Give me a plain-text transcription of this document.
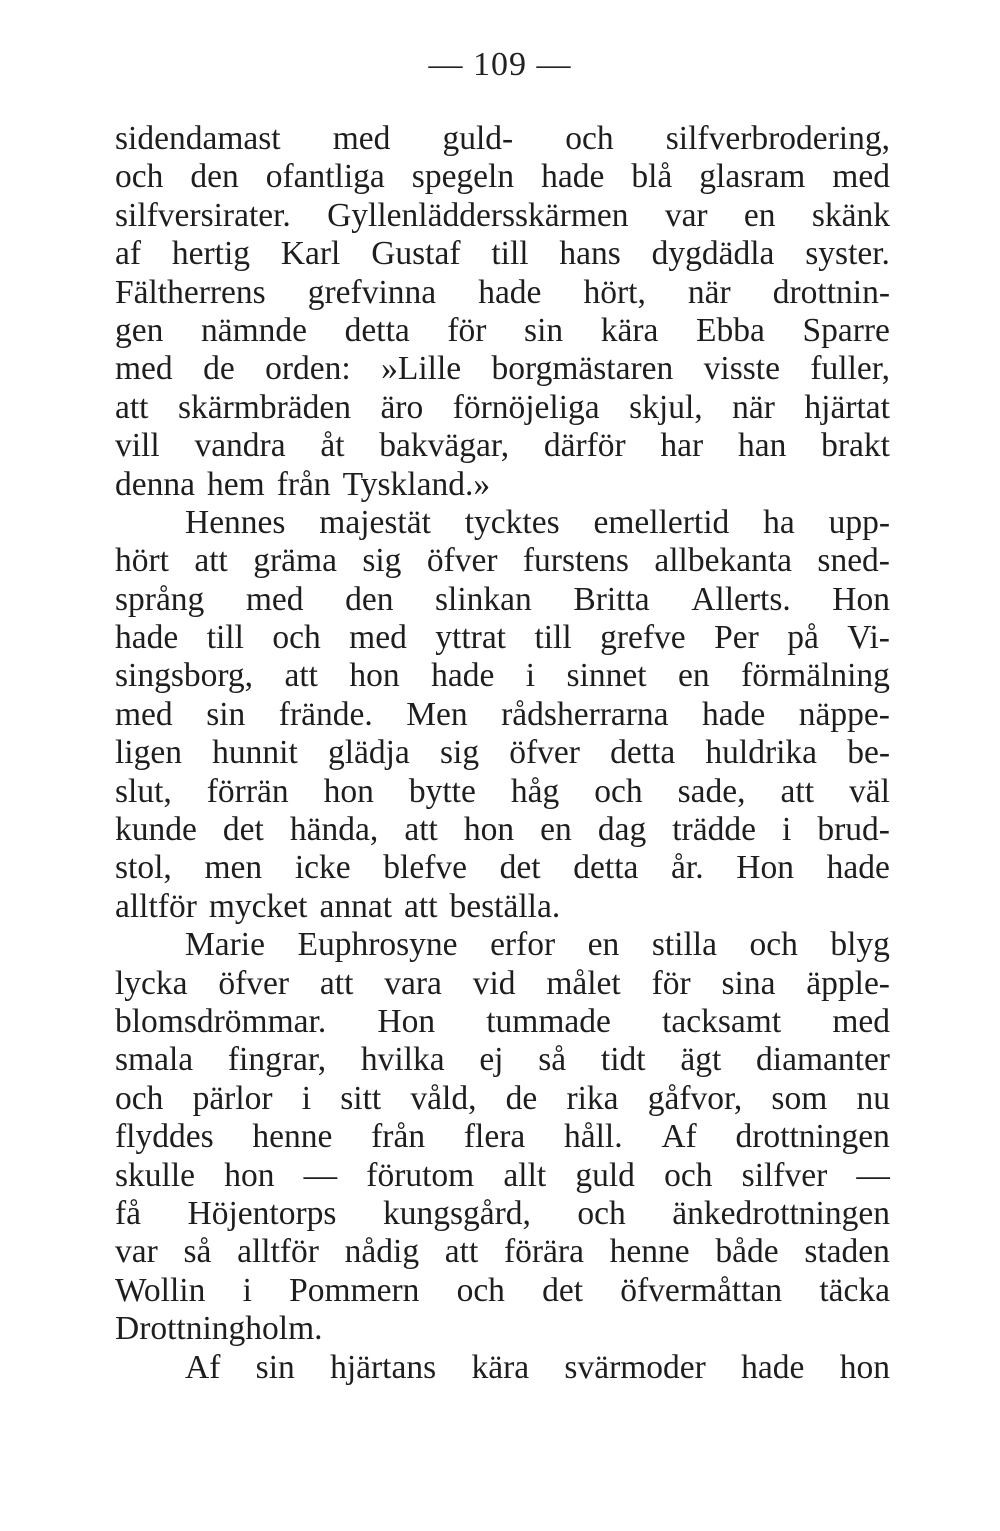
— 109 —
sidendamast med guld- och silfverbrodering,
och den ofantliga spegeln hade blå glasram med
silfversirater. Gyllenläddersskärmen var en skänk
af hertig Karl Gustaf till hans dygdädla syster.
Fältherrens grefvinna hade hört, när drottnin-
gen nämnde detta för sin kära Ebba Sparre
med de orden: »Lille borgmästaren visste fuller,
att skärmbräden äro förnöjeliga skjul, när hjärtat
vill vandra åt bakvägar, därför har han brakt
denna hem från Tyskland.»
Hennes majestät tycktes emellertid ha upp-
hört att gräma sig öfver furstens allbekanta sned-
språng med den slinkan Britta Allerts. Hon
hade till och med yttrat till grefve Per på Vi-
singsborg, att hon hade i sinnet en förmälning
med sin frände. Men rådsherrarna hade näppe-
ligen hunnit glädja sig öfver detta huldrika be-
slut, förrän hon bytte håg och sade, att väl
kunde det hända, att hon en dag trädde i brud-
stol, men icke blefve det detta år. Hon hade
alltför mycket annat att beställa.
Marie Euphrosyne erfor en stilla och blyg
lycka öfver att vara vid målet för sina äpple-
blomsdrömmar. Hon tummade tacksamt med
smala fingrar, hvilka ej så tidt ägt diamanter
och pärlor i sitt våld, de rika gåfvor, som nu
flyddes henne från flera håll. Af drottningen
skulle hon — förutom allt guld och silfver —
få Höjentorps kungsgård, och änkedrottningen
var så alltför nådig att förära henne både staden
Wollin i Pommern och det öfvermåttan täcka
Drottningholm.
Af sin hjärtans kära svärmoder hade hon
